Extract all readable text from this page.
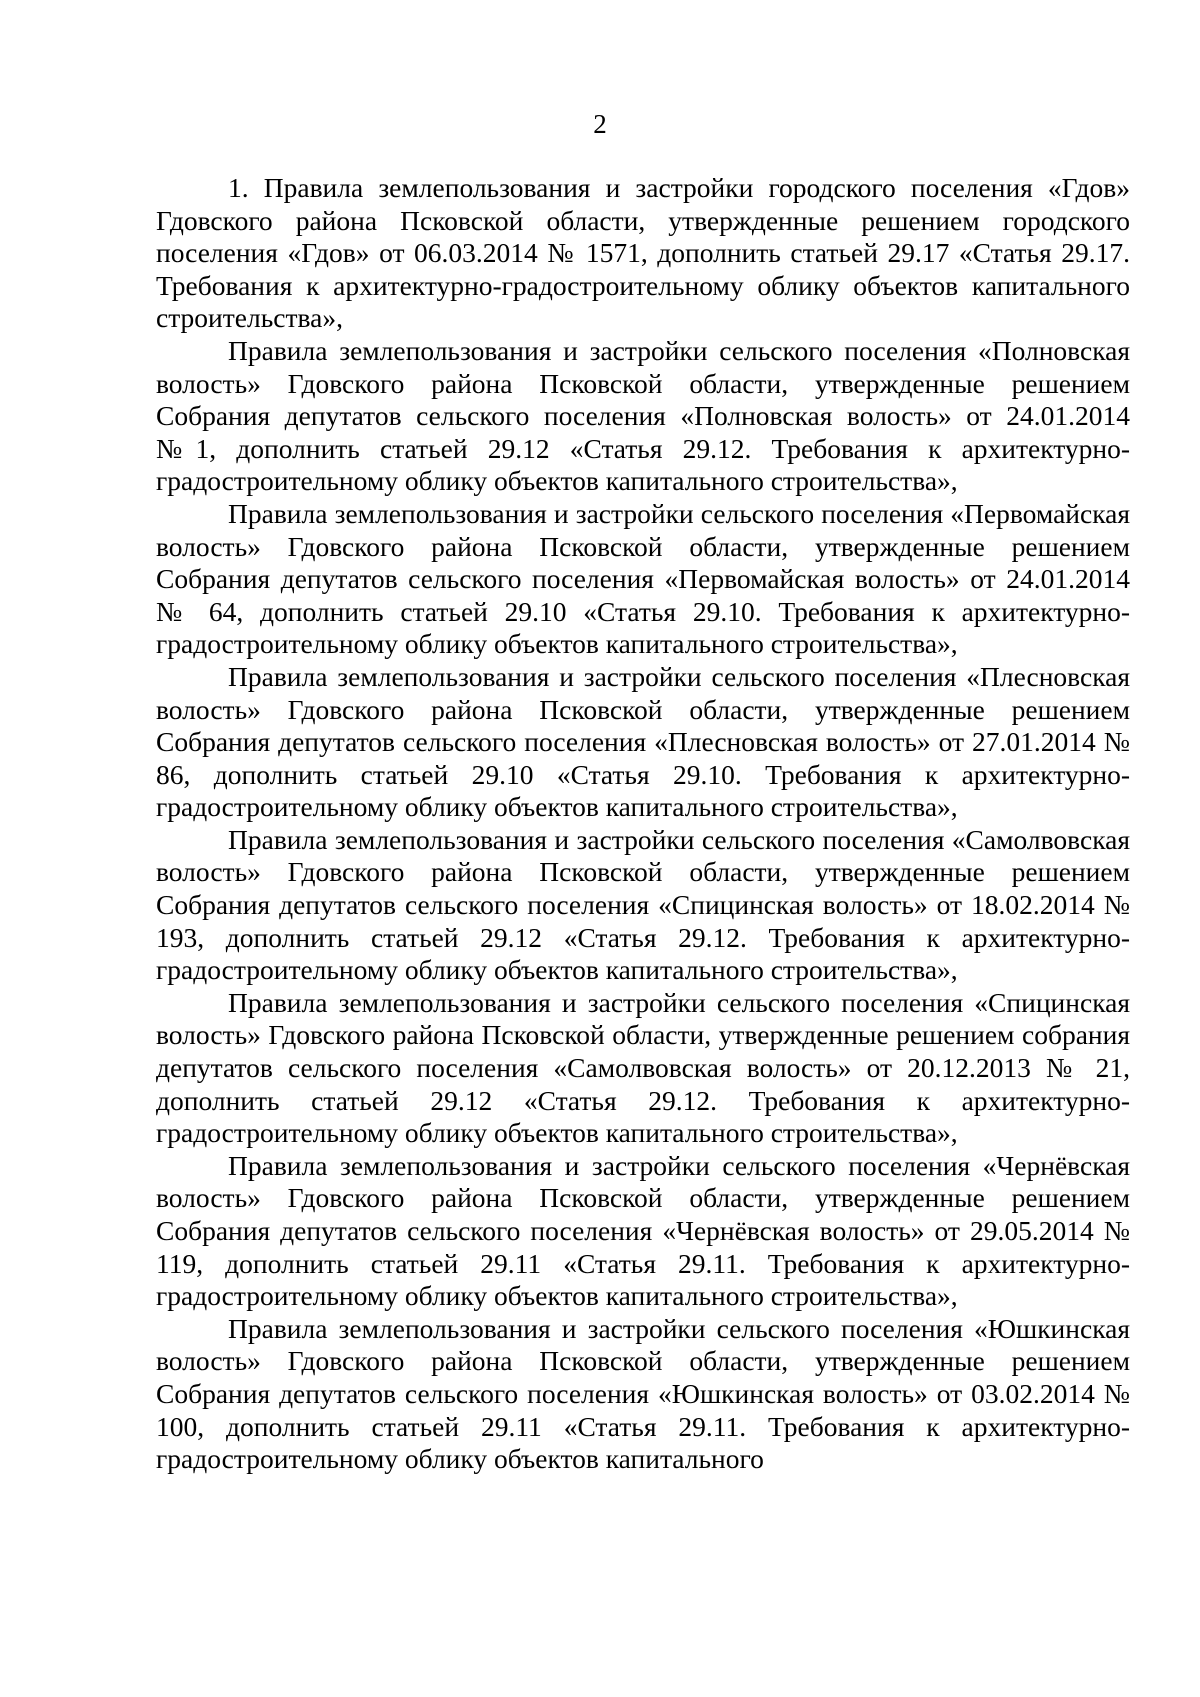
2

1. Правила землепользования и застройки городского поселения «Гдов» Гдовского района Псковской области, утвержденные решением городского поселения «Гдов» от 06.03.2014 № 1571, дополнить статьей 29.17 «Статья 29.17. Требования к архитектурно-градостроительному облику объектов капитального строительства»,

Правила землепользования и застройки сельского поселения «Полновская волость» Гдовского района Псковской области, утвержденные решением Собрания депутатов сельского поселения «Полновская волость» от 24.01.2014 №1, дополнить статьей 29.12 «Статья 29.12. Требования к архитектурно-градостроительному облику объектов капитального строительства»,

Правила землепользования и застройки сельского поселения «Первомайская волость» Гдовского района Псковской области, утвержденные решением Собрания депутатов сельского поселения «Первомайская волость» от 24.01.2014 № 64, дополнить статьей 29.10 «Статья 29.10. Требования к архитектурно-градостроительному облику объектов капитального строительства»,

Правила землепользования и застройки сельского поселения «Плесновская волость» Гдовского района Псковской области, утвержденные решением Собрания депутатов сельского поселения «Плесновская волость» от 27.01.2014 № 86, дополнить статьей 29.10 «Статья 29.10. Требования к архитектурно-градостроительному облику объектов капитального строительства»,

Правила землепользования и застройки сельского поселения «Самолвовская волость» Гдовского района Псковской области, утвержденные решением Собрания депутатов сельского поселения «Спицинская волость» от 18.02.2014 № 193, дополнить статьей 29.12 «Статья 29.12. Требования к архитектурно-градостроительному облику объектов капитального строительства»,

Правила землепользования и застройки сельского поселения «Спицинская волость» Гдовского района Псковской области, утвержденные решением собрания депутатов сельского поселения «Самолвовская волость» от 20.12.2013 № 21, дополнить статьей 29.12 «Статья 29.12. Требования к архитектурно-градостроительному облику объектов капитального строительства»,

Правила землепользования и застройки сельского поселения «Чернёвская волость» Гдовского района Псковской области, утвержденные решением Собрания депутатов сельского поселения «Чернёвская волость» от 29.05.2014 № 119, дополнить статьей 29.11 «Статья 29.11. Требования к архитектурно-градостроительному облику объектов капитального строительства»,

Правила землепользования и застройки сельского поселения «Юшкинская волость» Гдовского района Псковской области, утвержденные решением Собрания депутатов сельского поселения «Юшкинская волость» от 03.02.2014 № 100, дополнить статьей 29.11 «Статья 29.11. Требования к архитектурно-градостроительному облику объектов капитального
